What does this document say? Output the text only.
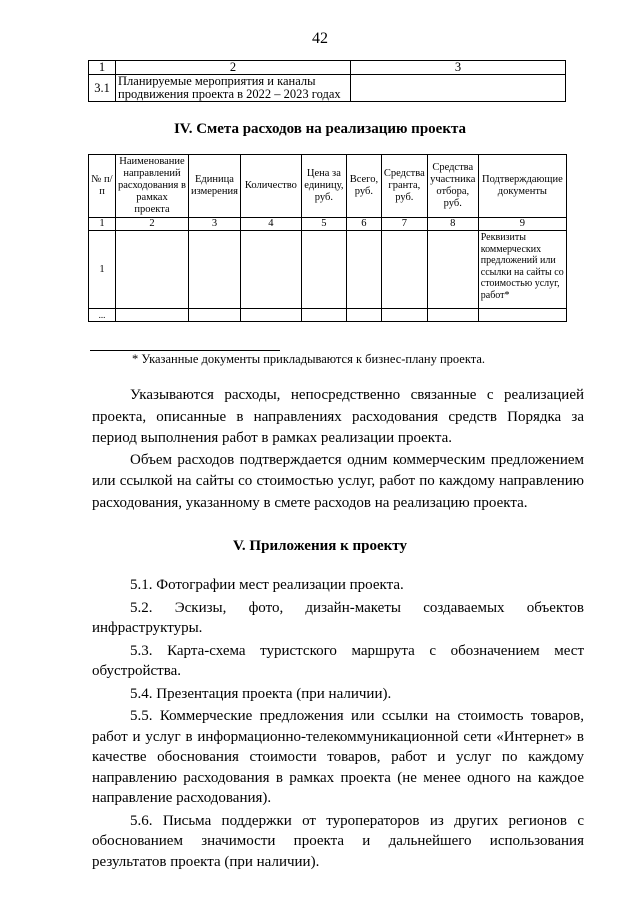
42
1	2	3
3.1	Планируемые мероприятия и каналы продвижения проекта в 2022 – 2023 годах	
IV. Смета расходов на реализацию проекта
№ п/п	Наименование направлений расходования в рамках проекта	Единица измерения	Количество	Цена за единицу, руб.	Всего, руб.	Средства гранта, руб.	Средства участника отбора, руб.	Подтверждающие документы
1	2	3	4	5	6	7	8	9
1								Реквизиты коммерческих предложений или ссылки на сайты со стоимостью услуг, работ*
...								
* Указанные документы прикладываются к бизнес-плану проекта.

Указываются расходы, непосредственно связанные с реализацией проекта, описанные в направлениях расходования средств Порядка за период выполнения работ в рамках реализации проекта.

Объем расходов подтверждается одним коммерческим предложением или ссылкой на сайты со стоимостью услуг, работ по каждому направлению расходования, указанному в смете расходов на реализацию проекта.

V. Приложения к проекту

5.1. Фотографии мест реализации проекта.

5.2. Эскизы, фото, дизайн-макеты создаваемых объектов инфраструктуры.

5.3. Карта-схема туристского маршрута с обозначением мест обустройства.

5.4. Презентация проекта (при наличии).

5.5. Коммерческие предложения или ссылки на стоимость товаров, работ и услуг в информационно-телекоммуникационной сети «Интернет» в качестве обоснования стоимости товаров, работ и услуг по каждому направлению расходования в рамках проекта (не менее одного на каждое направление расходования).

5.6. Письма поддержки от туроператоров из других регионов с обоснованием значимости проекта и дальнейшего использования результатов проекта (при наличии).
